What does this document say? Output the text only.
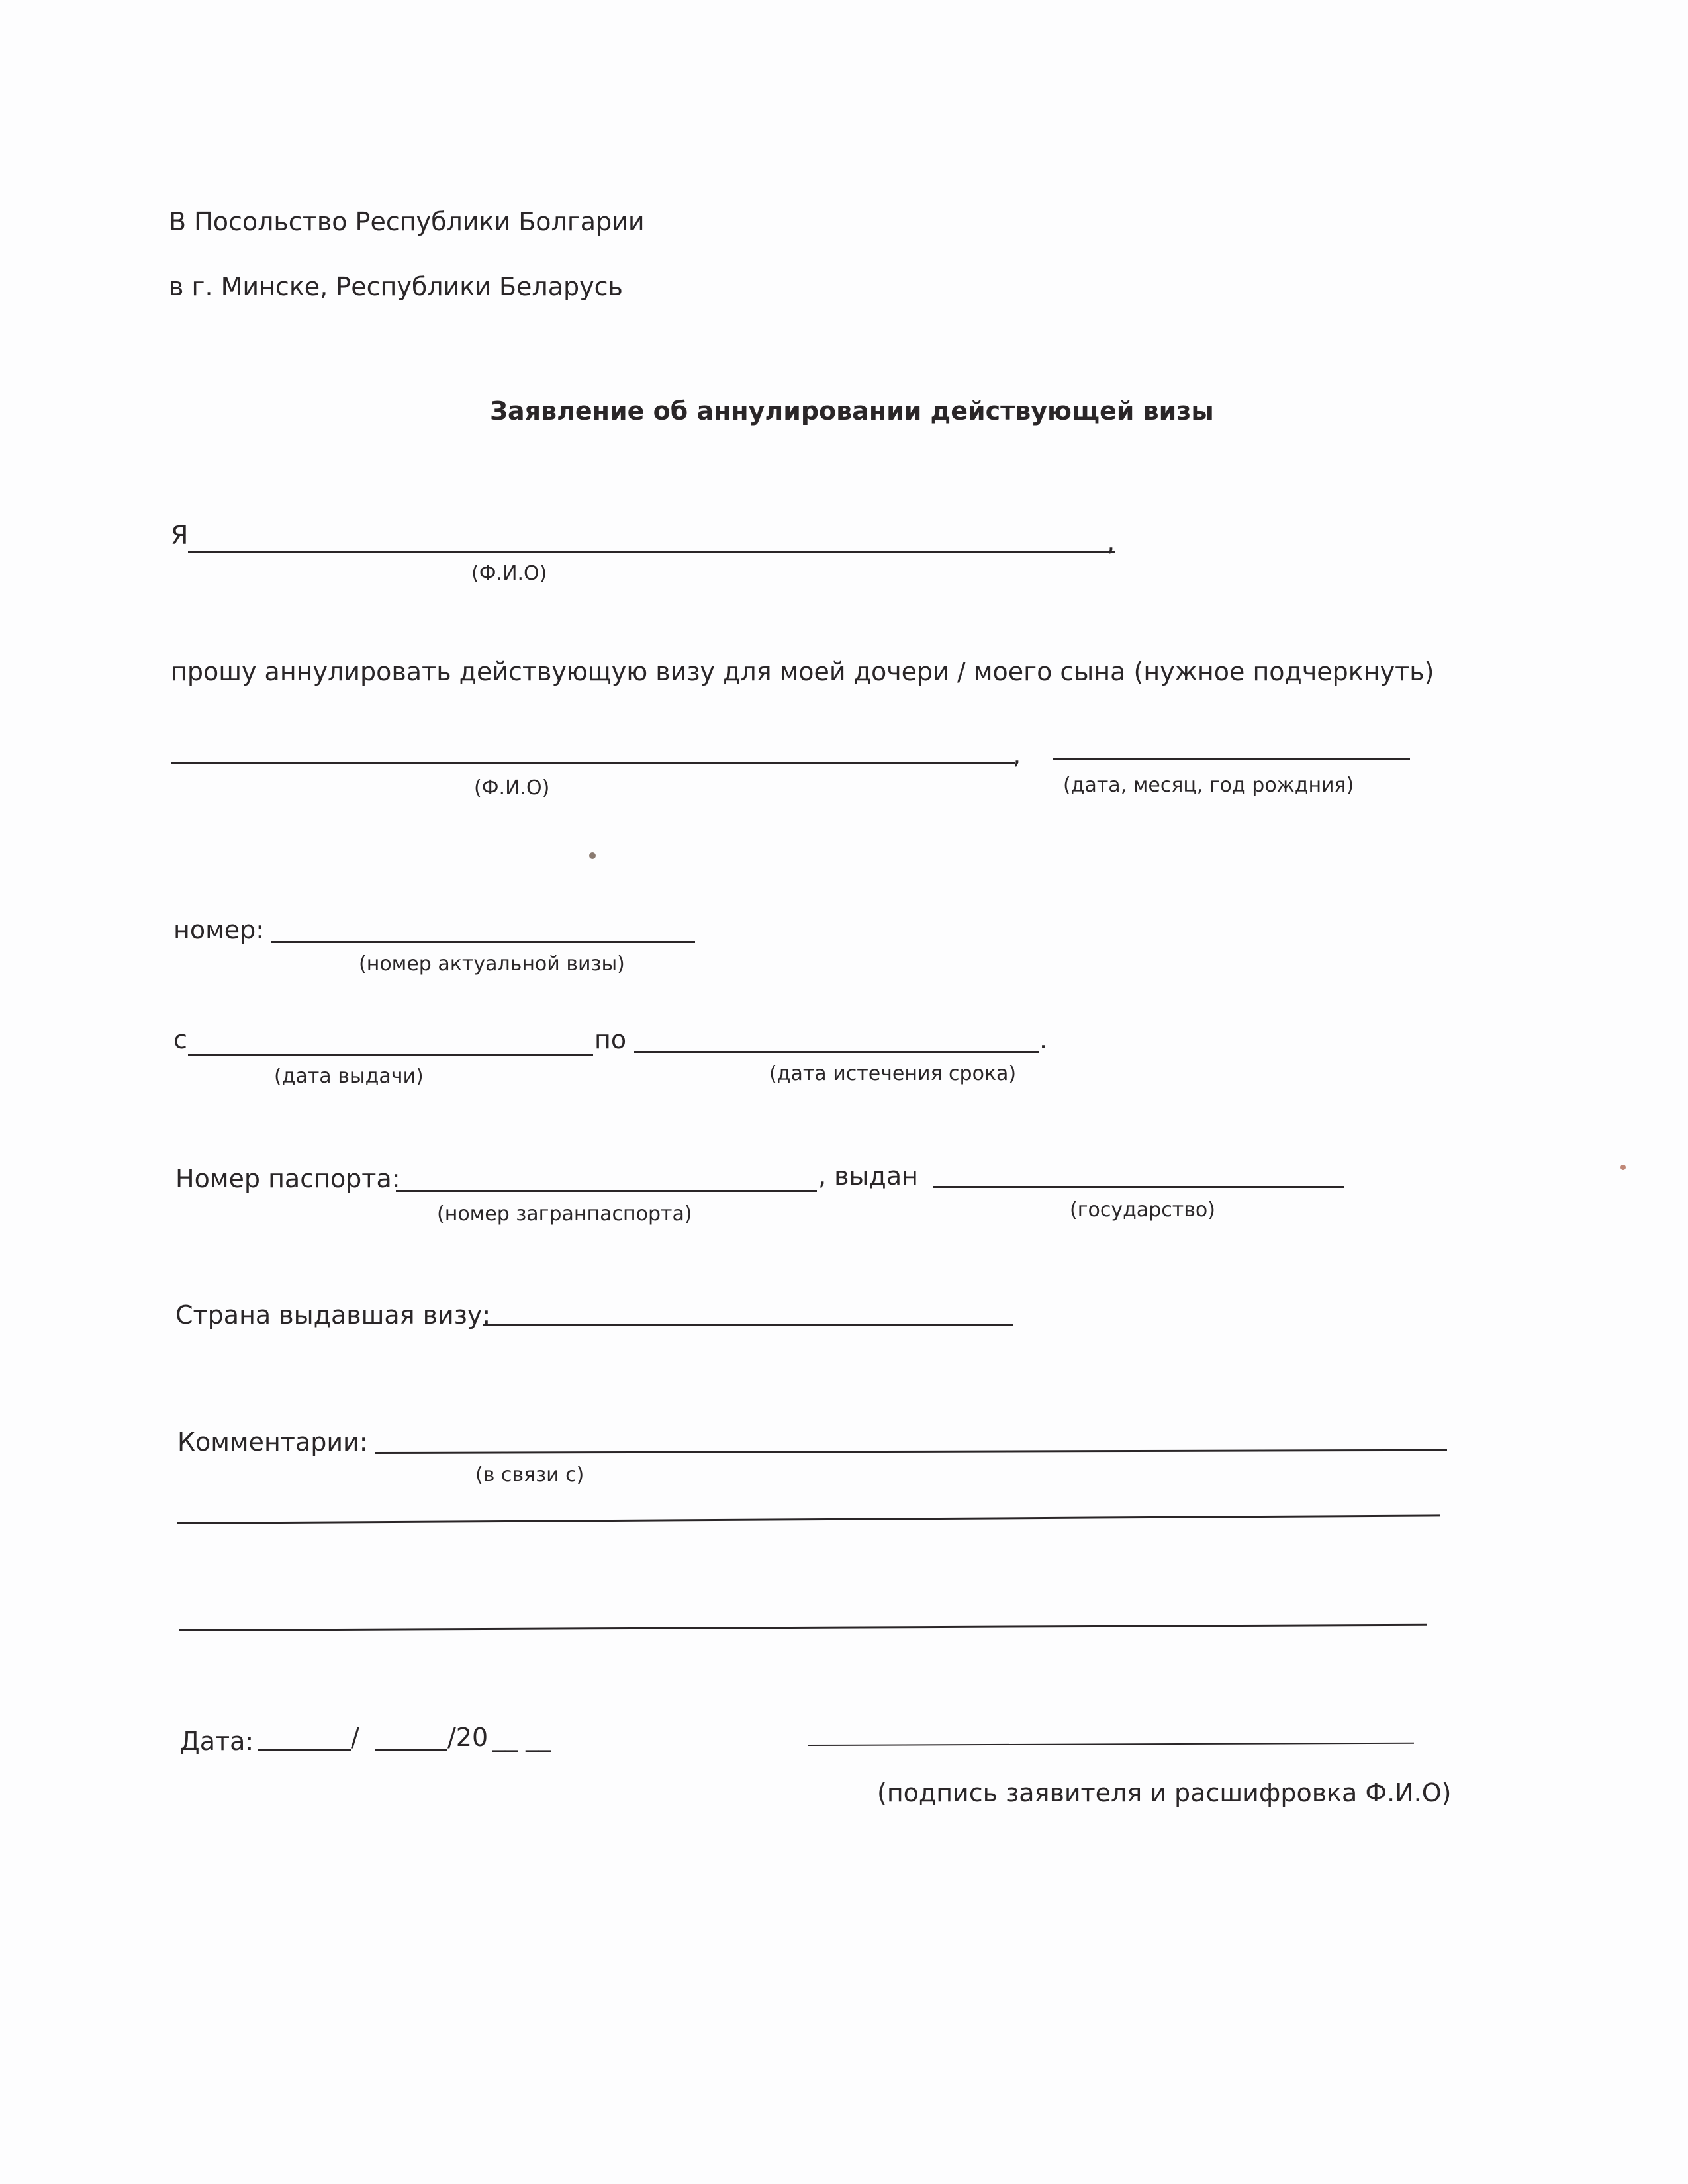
В Посольство Республики Болгарии
в г. Минске, Республики Беларусь
Заявление об аннулировании действующей визы
Я	,
(Ф.И.О)
прошу аннулировать действующую визу для моей дочери / моего сына (нужное подчеркнуть)
,
(Ф.И.О)	(дата, месяц, год рождния)
номер:
(номер актуальной визы)
с	по	.
(дата выдачи)	(дата истечения срока)
Номер паспорта:	, выдан
(номер загранпаспорта)	(государство)
Страна выдавшая визу:
Комментарии:
(в связи с)
Дата:	/	/20 __ __
(подпись заявителя и расшифровка Ф.И.О)
